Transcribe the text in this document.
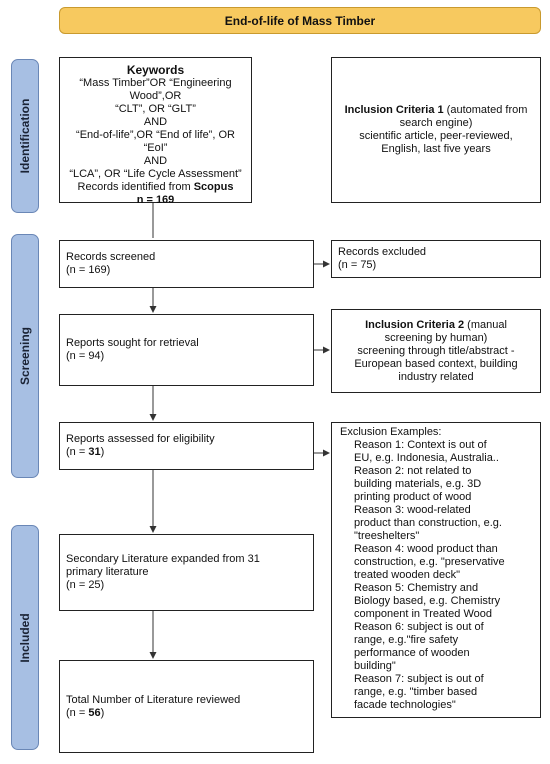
End-of-life of Mass Timber
Identification
Screening
Included
Keywords
“Mass Timber”OR “Engineering Wood”,OR
“CLT”, OR “GLT”
AND
“End-of-life”,OR “End of life”, OR “EoI”
AND
“LCA”, OR “Life Cycle Assessment”
Records identified from Scopus
n = 169
Inclusion Criteria 1 (automated from search engine)
scientific article, peer-reviewed, English, last five years
Records screened
(n = 169)
Records excluded
(n = 75)
Reports sought for retrieval
(n = 94)
Inclusion Criteria 2 (manual screening by human)
screening through title/abstract - European based context, building industry related
Reports assessed for eligibility
(n = 31)
Exclusion Examples:
Reason 1: Context is out of
EU, e.g. Indonesia, Australia..
Reason 2: not related to
building materials, e.g. 3D
printing product of wood
Reason 3: wood-related
product than construction, e.g.
"treeshelters"
Reason 4: wood product than
construction, e.g. "preservative
treated wooden deck"
Reason 5: Chemistry and
Biology based, e.g. Chemistry
component in Treated Wood
Reason 6: subject is out of
range, e.g."fire safety
performance of wooden
building"
Reason 7: subject is out of
range, e.g. "timber based
facade technologies"
Secondary Literature expanded from 31
primary literature
(n = 25)
Total Number of Literature reviewed
(n = 56)
